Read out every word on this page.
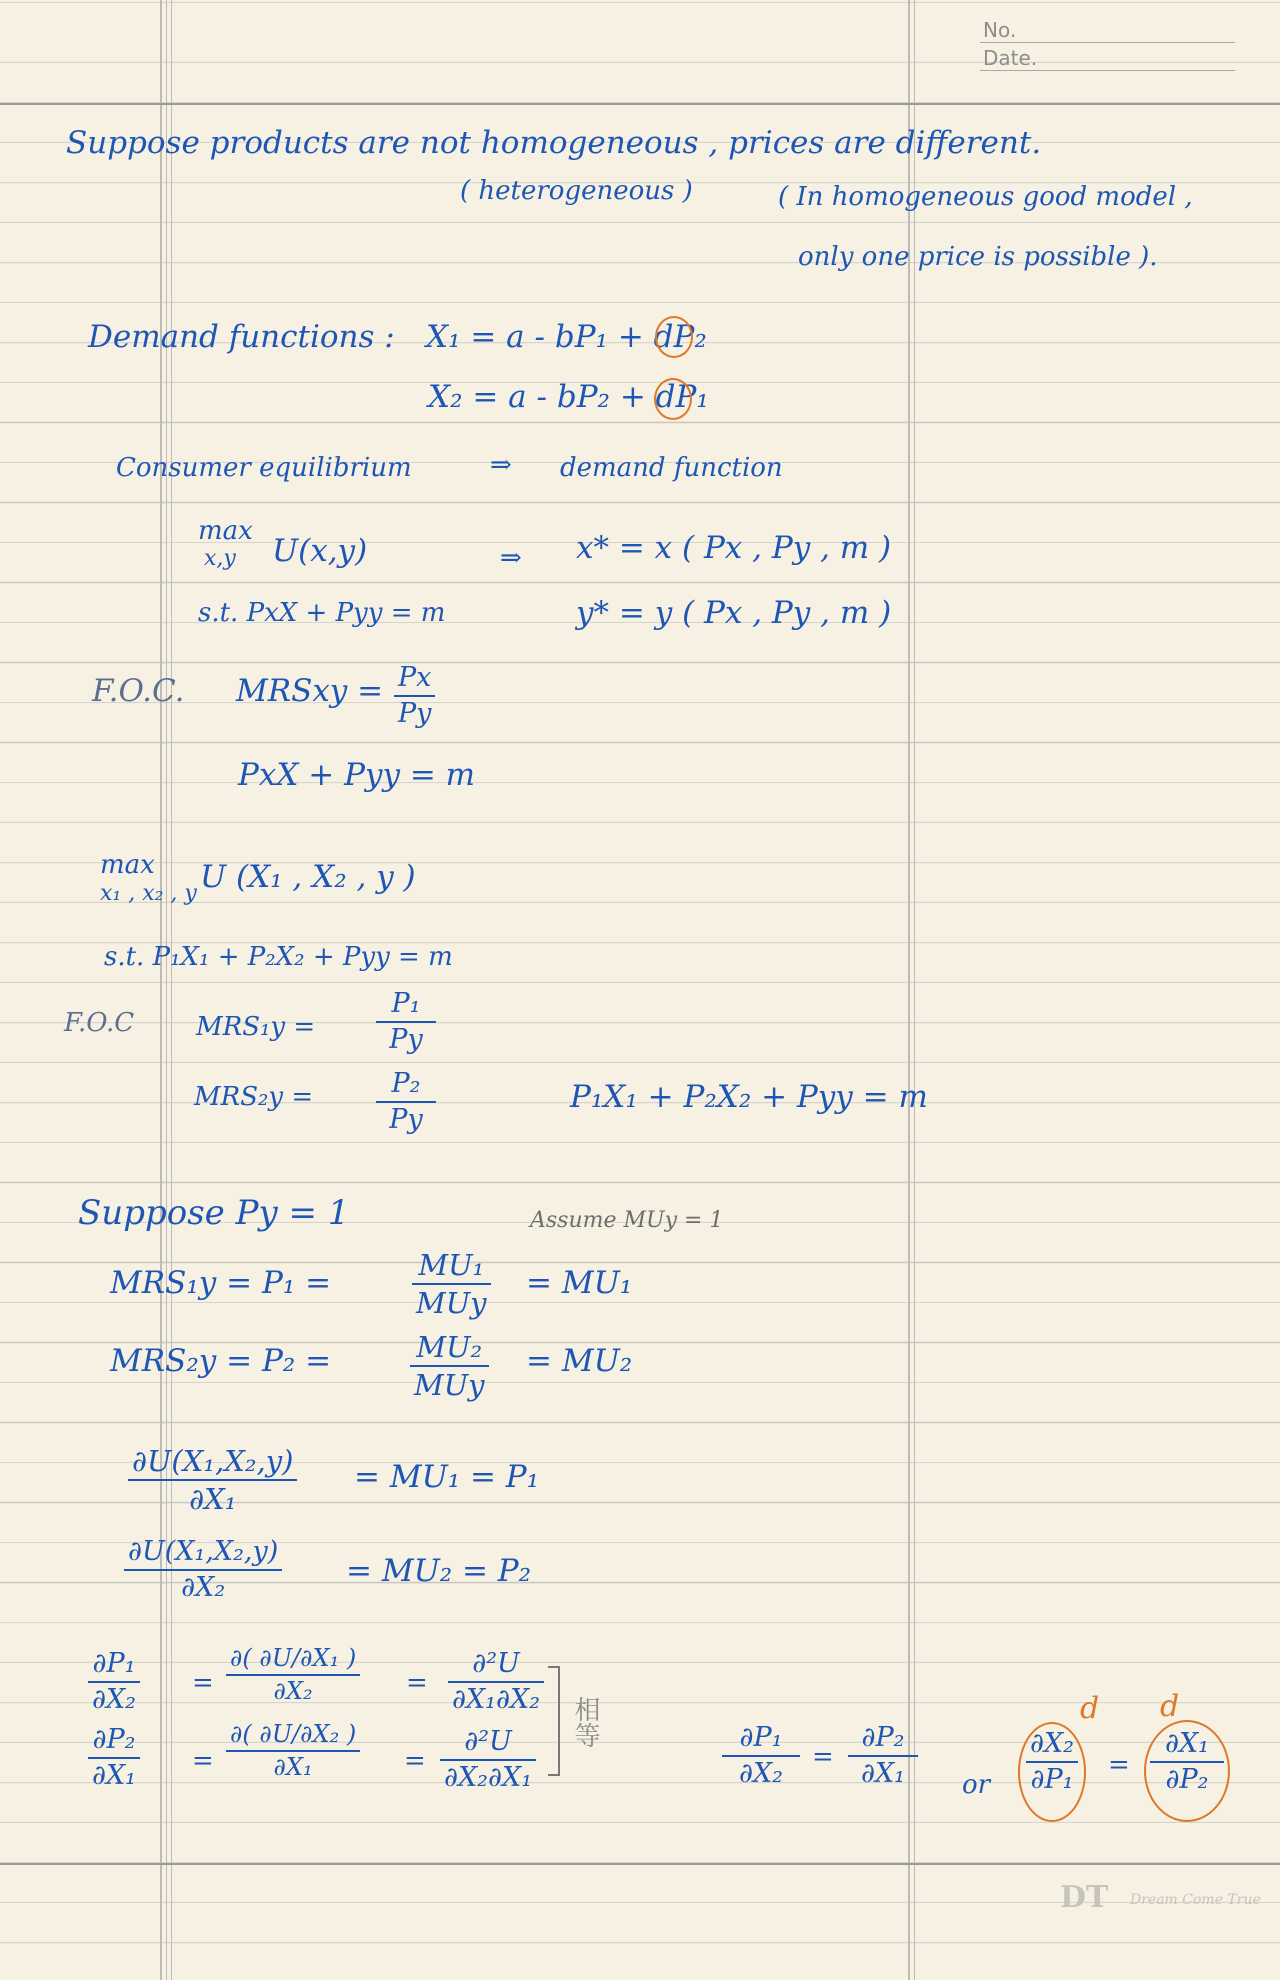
No.
Date.
Suppose products are not homogeneous , prices are different.
( heterogeneous )	( In homogeneous good model ,
only one price is possible ).
Demand functions : X₁ = a - bP₁ + dP₂
X₂ = a - bP₂ + dP₁
Consumer equilibrium	⇒ demand function
max
x,y U(x,y)	⇒ x* = x ( Px , Py , m )
y* = y ( Px , Py , m )
s.t. PxX + Pyy = m
F.O.C. MRSxy = Px
Py
PxX + Pyy = m
max
x₁ , x₂ , y U (X₁ , X₂ , y )
s.t. P₁X₁ + P₂X₂ + Pyy = m
F.O.C MRS₁y =
P₁
Py
MRS₂y =	P₂
Py
P₁X₁ + P₂X₂ + Pyy = m
Suppose Py = 1	Assume MUy = 1
MRS₁y = P₁ =	MU₁
MUy
= MU₁
MRS₂y = P₂ =	MU₂
MUy
= MU₂
∂U(X₁,X₂,y)
∂X₁
= MU₁ = P₁
∂U(X₁,X₂,y)
∂X₂	= MU₂ = P₂
∂P₁
∂X₂
=
∂( ∂U/∂X₁ )
∂X₂	=
∂²U
∂X₁∂X₂
∂P₂
∂X₁ =
∂( ∂U/∂X₂ )
∂X₁	=
∂²U
∂X₂∂X₁
相等	∂P₁
∂X₂
=
∂P₂
∂X₁ or
d
∂X₂
∂P₁ =
d
∂X₁
∂P₂
DT Dream Come True
